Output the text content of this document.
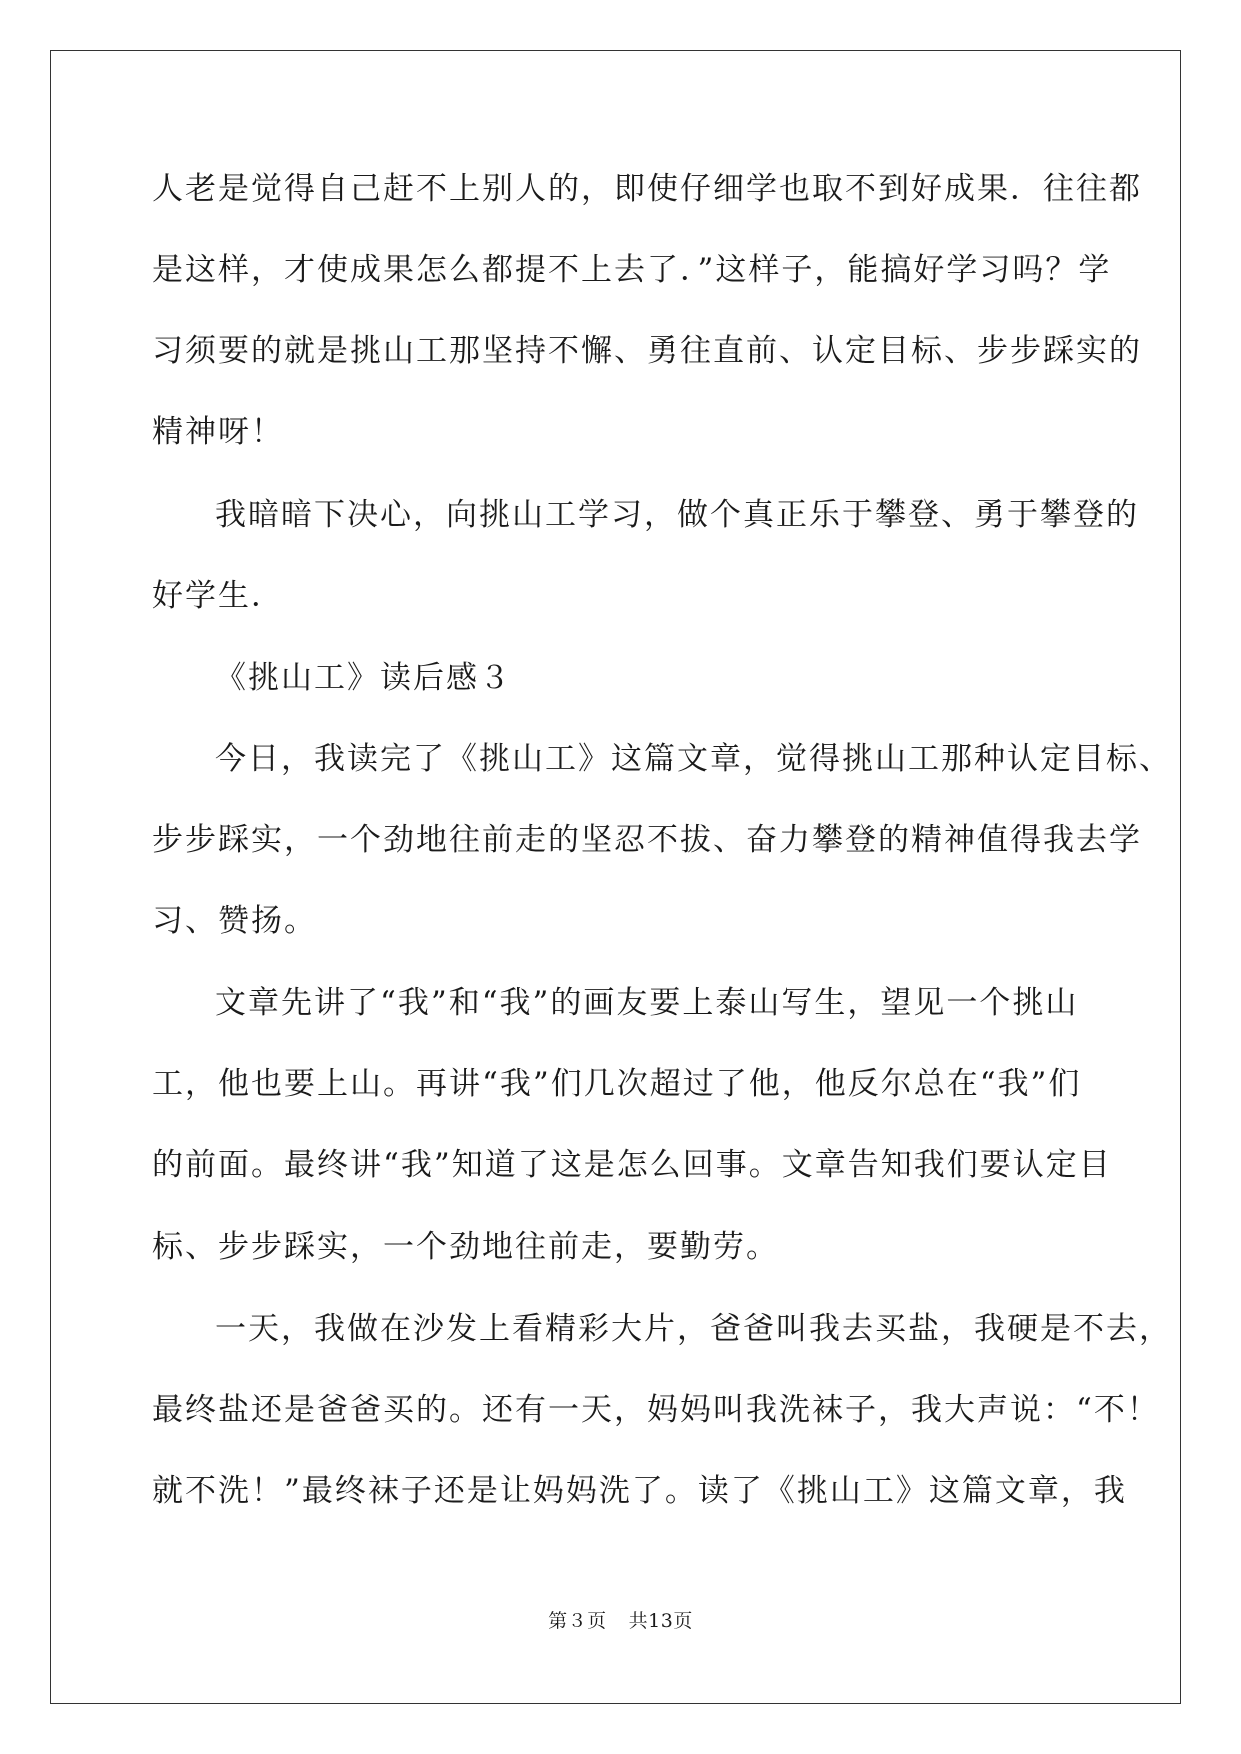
人老是觉得自己赶不上别人的，即使仔细学也取不到好成果．往往都
是这样，才使成果怎么都提不上去了．”这样子，能搞好学习吗？学
习须要的就是挑山工那坚持不懈、勇往直前、认定目标、步步踩实的
精神呀！
我暗暗下决心，向挑山工学习，做个真正乐于攀登、勇于攀登的
好学生．
《挑山工》读后感３
今日，我读完了《挑山工》这篇文章，觉得挑山工那种认定目标、
步步踩实，一个劲地往前走的坚忍不拔、奋力攀登的精神值得我去学
习、赞扬。
文章先讲了“我”和“我”的画友要上泰山写生，望见一个挑山
工，他也要上山。再讲“我”们几次超过了他，他反尔总在“我”们
的前面。最终讲“我”知道了这是怎么回事。文章告知我们要认定目
标、步步踩实，一个劲地往前走，要勤劳。
一天，我做在沙发上看精彩大片，爸爸叫我去买盐，我硬是不去，
最终盐还是爸爸买的。还有一天，妈妈叫我洗袜子，我大声说：“不！
就不洗！”最终袜子还是让妈妈洗了。读了《挑山工》这篇文章，我
第３页 共13页
